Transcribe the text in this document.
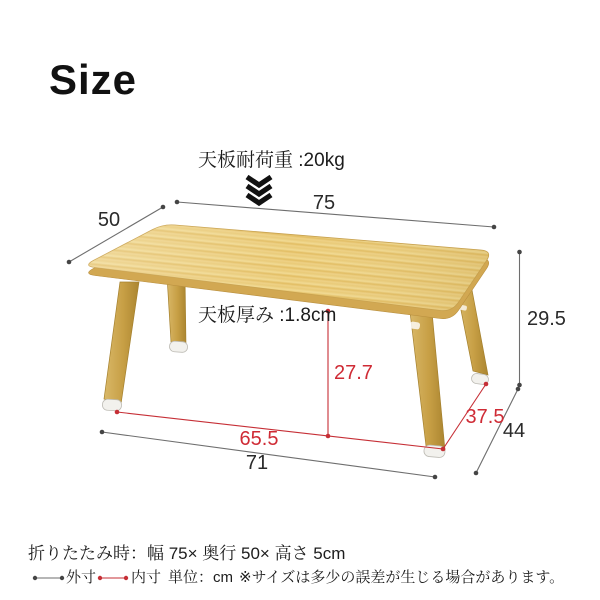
Size
天板耐荷重 :20kg
天板厚み :1.8cm
75
50
29.5
44
71
65.5
27.7
37.5
折りたたみ時：幅 75× 奥行 50× 高さ 5cm
外寸 内寸 単位：cm ※サイズは多少の誤差が生じる場合があります。
